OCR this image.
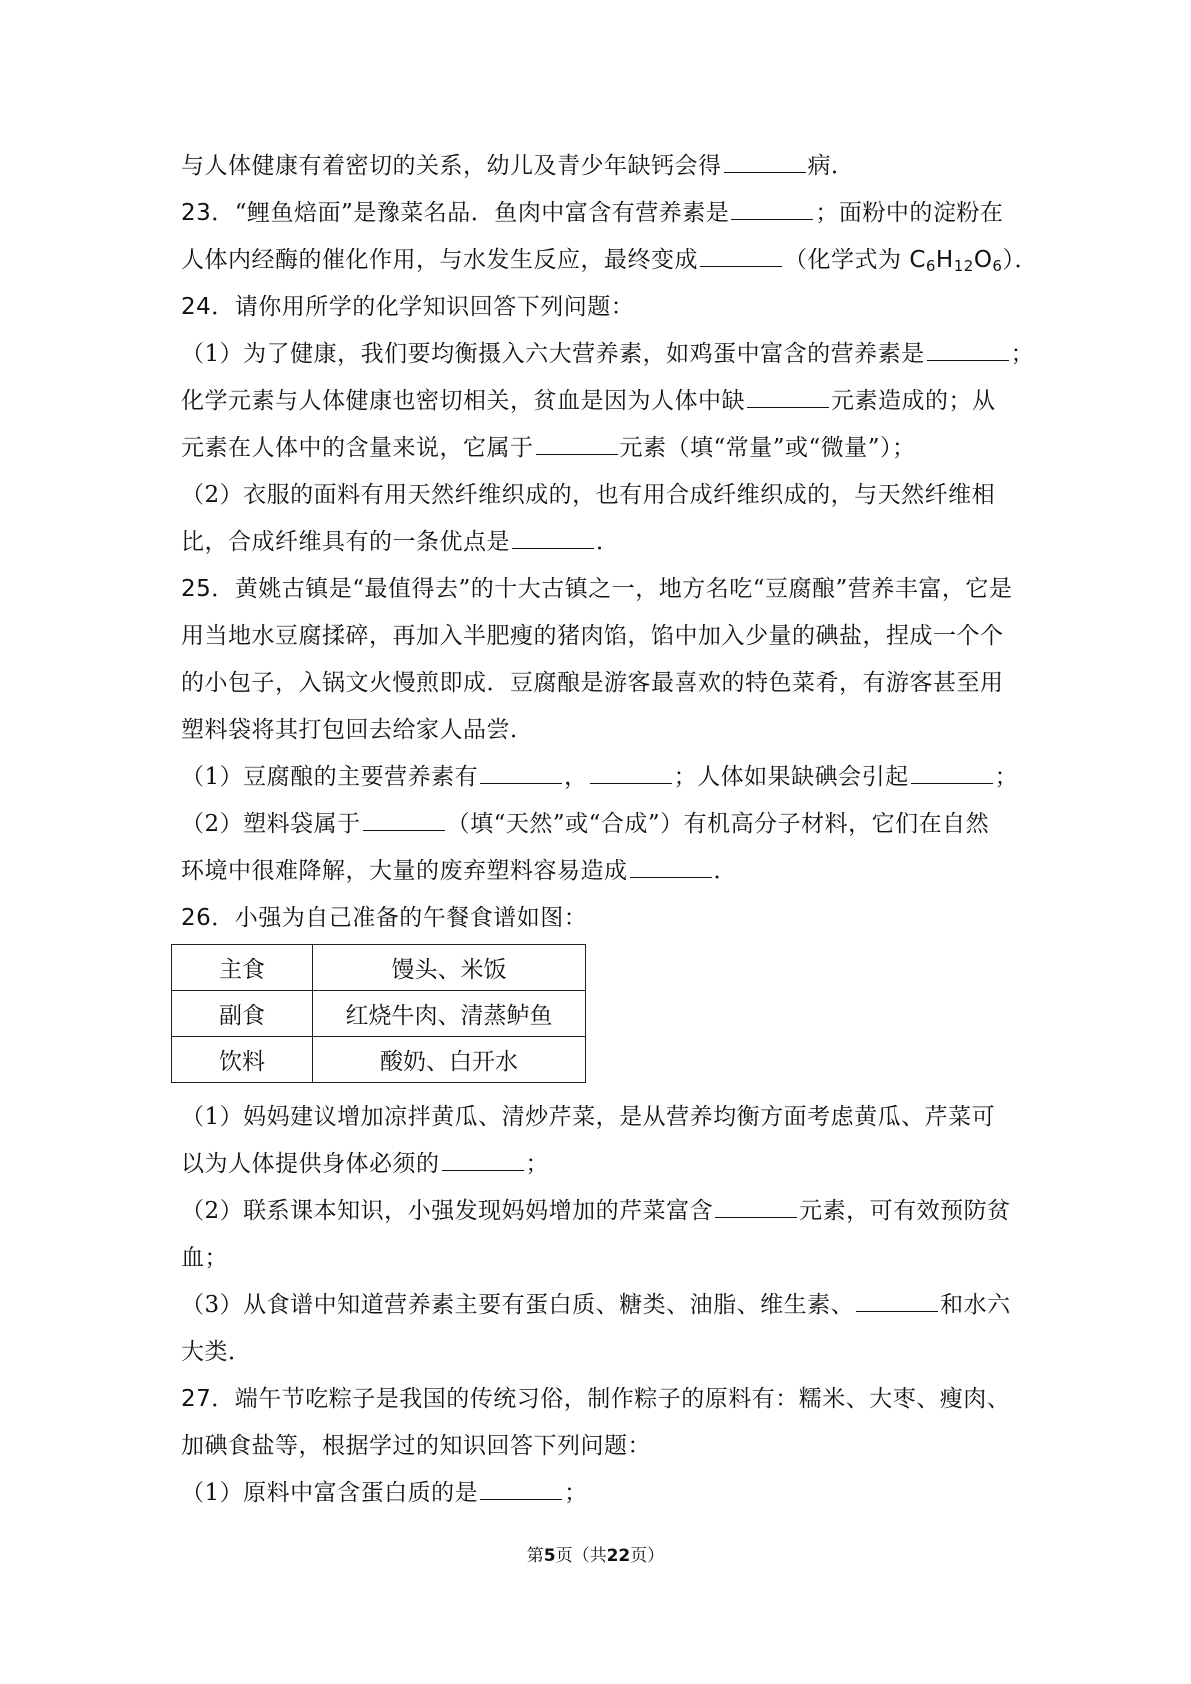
与人体健康有着密切的关系，幼儿及青少年缺钙会得	病．
23．“鲤鱼焙面”是豫菜名品．鱼肉中富含有营养素是	；面粉中的淀粉在
人体内经酶的催化作用，与水发生反应，最终变成	（化学式为 $C_6H_{12}O_6$）．
24．请你用所学的化学知识回答下列问题：
（1）为了健康，我们要均衡摄入六大营养素，如鸡蛋中富含的营养素是	；
化学元素与人体健康也密切相关，贫血是因为人体中缺	元素造成的；从
元素在人体中的含量来说，它属于	元素（填“常量”或“微量”）；
（2）衣服的面料有用天然纤维织成的，也有用合成纤维织成的，与天然纤维相
比，合成纤维具有的一条优点是	．
25．黄姚古镇是“最值得去”的十大古镇之一，地方名吃“豆腐酿”营养丰富，它是
用当地水豆腐揉碎，再加入半肥瘦的猪肉馅，馅中加入少量的碘盐，捏成一个个
的小包子，入锅文火慢煎即成．豆腐酿是游客最喜欢的特色菜肴，有游客甚至用
塑料袋将其打包回去给家人品尝．
（1）豆腐酿的主要营养素有	，	；人体如果缺碘会引起	；
（2）塑料袋属于	（填“天然”或“合成”）有机高分子材料，它们在自然
环境中很难降解，大量的废弃塑料容易造成	．
26．小强为自己准备的午餐食谱如图：
主食	馒头、米饭
副食	红烧牛肉、清蒸鲈鱼
饮料	酸奶、白开水
（1）妈妈建议增加凉拌黄瓜、清炒芹菜，是从营养均衡方面考虑黄瓜、芹菜可
以为人体提供身体必须的	；
（2）联系课本知识，小强发现妈妈增加的芹菜富含	元素，可有效预防贫
血；
（3）从食谱中知道营养素主要有蛋白质、糖类、油脂、维生素、	和水六
大类．
27．端午节吃粽子是我国的传统习俗，制作粽子的原料有：糯米、大枣、瘦肉、
加碘食盐等，根据学过的知识回答下列问题：
（1）原料中富含蛋白质的是	；
第5页（共22页）
